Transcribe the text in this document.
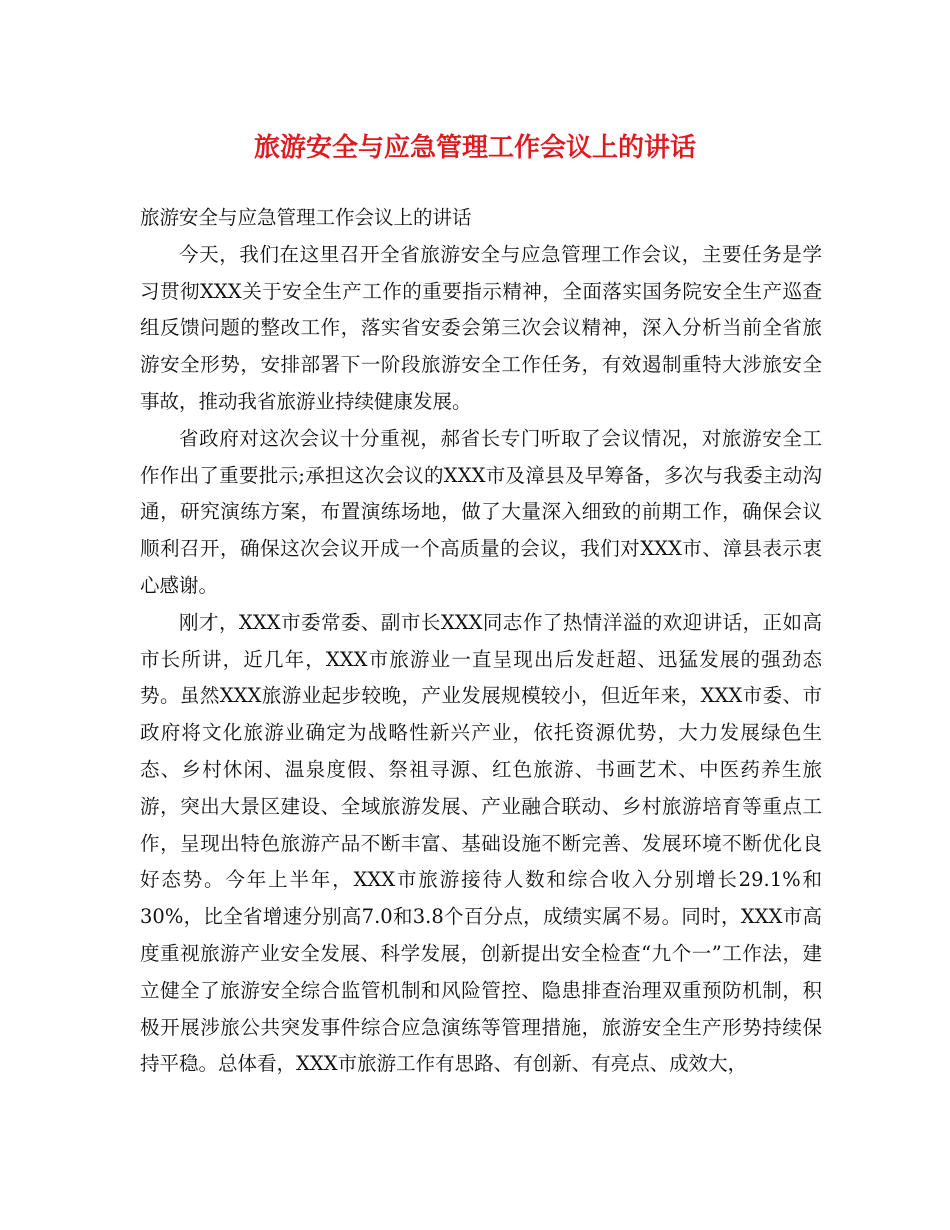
旅游安全与应急管理工作会议上的讲话

旅游安全与应急管理工作会议上的讲话

今天，我们在这里召开全省旅游安全与应急管理工作会议，主要任务是学习贯彻XXX关于安全生产工作的重要指示精神，全面落实国务院安全生产巡查组反馈问题的整改工作，落实省安委会第三次会议精神，深入分析当前全省旅游安全形势，安排部署下一阶段旅游安全工作任务，有效遏制重特大涉旅安全事故，推动我省旅游业持续健康发展。

省政府对这次会议十分重视，郝省长专门听取了会议情况，对旅游安全工作作出了重要批示;承担这次会议的XXX市及漳县及早筹备，多次与我委主动沟通，研究演练方案，布置演练场地，做了大量深入细致的前期工作，确保会议顺利召开，确保这次会议开成一个高质量的会议，我们对XXX市、漳县表示衷心感谢。

刚才，XXX市委常委、副市长XXX同志作了热情洋溢的欢迎讲话，正如高市长所讲，近几年，XXX市旅游业一直呈现出后发赶超、迅猛发展的强劲态势。虽然XXX旅游业起步较晚，产业发展规模较小，但近年来，XXX市委、市政府将文化旅游业确定为战略性新兴产业，依托资源优势，大力发展绿色生态、乡村休闲、温泉度假、祭祖寻源、红色旅游、书画艺术、中医药养生旅游，突出大景区建设、全域旅游发展、产业融合联动、乡村旅游培育等重点工作，呈现出特色旅游产品不断丰富、基础设施不断完善、发展环境不断优化良好态势。今年上半年，XXX市旅游接待人数和综合收入分别增长29.1%和30%，比全省增速分别高7.0和3.8个百分点，成绩实属不易。同时，XXX市高度重视旅游产业安全发展、科学发展，创新提出安全检查“九个一”工作法，建立健全了旅游安全综合监管机制和风险管控、隐患排查治理双重预防机制，积极开展涉旅公共突发事件综合应急演练等管理措施，旅游安全生产形势持续保持平稳。总体看，XXX市旅游工作有思路、有创新、有亮点、成效大，
